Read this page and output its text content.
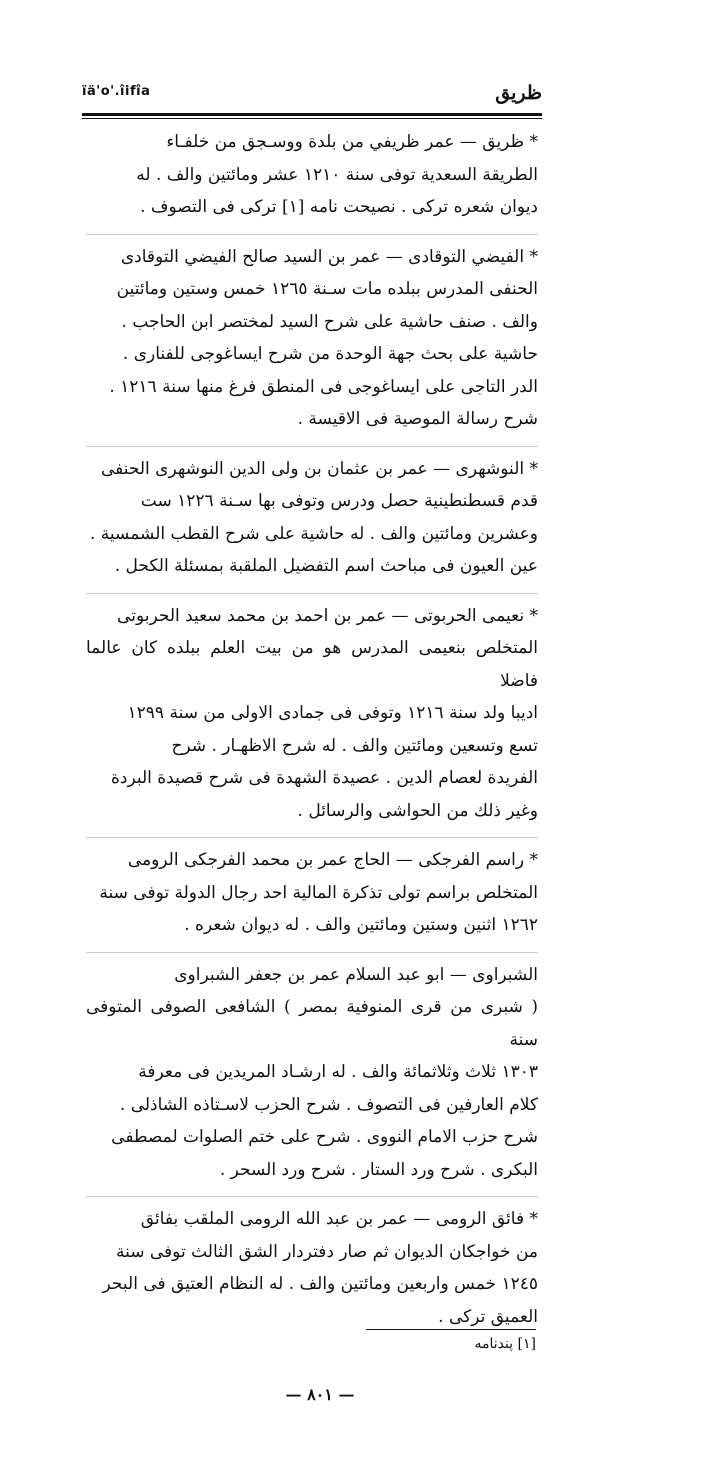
ïä'o'.îifîa	ظريق

* ظريق — عمر ظريفي من بلدة ووسـجق من خلفـاء

الطريقة السعدية توفى سنة ١٢١٠ عشر ومائتين والف . له

ديوان شعره تركى . نصيحت نامه [١] تركى فى التصوف .

* الفيضي التوقادى — عمر بن السيد صالح الفيضي التوقادى

الحنفى المدرس ببلده مات سـنة ١٢٦٥ خمس وستين ومائتين

والف . صنف حاشية على شرح السيد لمختصر ابن الحاجب .

حاشية على بحث جهة الوحدة من شرح ايساغوجى للفنارى .

الدر التاجى على ايساغوجى فى المنطق فرغ منها سنة ١٢١٦ .

شرح رسالة الموصية فى الاقيسة .

* النوشهرى — عمر بن عثمان بن ولى الدين النوشهرى الحنفى

قدم قسطنطينية حصل ودرس وتوفى بها سـنة ١٢٢٦ ست

وعشرين ومائتين والف . له حاشية على شرح القطب الشمسية .

عين العيون فى مباحث اسم التفضيل الملقبة بمسئلة الكحل .

* نعيمى الحربوتى — عمر بن احمد بن محمد سعيد الحربوتى

المتخلص بنعيمى المدرس هو من بيت العلم ببلده كان عالما فاضلا

اديبا ولد سنة ١٢١٦ وتوفى فى جمادى الاولى من سنة ١٢٩٩

تسع وتسعين ومائتين والف . له شرح الاظهـار . شرح

الفريدة لعصام الدين . عصيدة الشهدة فى شرح قصيدة البردة

وغير ذلك من الحواشى والرسائل .

* راسم الفرجكى — الحاج عمر بن محمد الفرجكى الرومى

المتخلص براسم تولى تذكرة المالية احد رجال الدولة توفى سنة

١٢٦٢ اثنين وستين ومائتين والف . له ديوان شعره .

الشبراوى — ابو عبد السلام عمر بن جعفر الشبراوى

( شبرى من قرى المنوفية بمصر ) الشافعى الصوفى المتوفى سنة

١٣٠٣ ثلاث وثلاثمائة والف . له ارشـاد المريدين فى معرفة

كلام العارفين فى التصوف . شرح الحزب لاسـتاذه الشاذلى .

شرح حزب الامام النووى . شرح على ختم الصلوات لمصطفى

البكرى . شرح ورد الستار . شرح ورد السحر .

* فائق الرومى — عمر بن عبد الله الرومى الملقب بفائق

من خواجكان الديوان ثم صار دفتردار الشق الثالث توفى سنة

١٢٤٥ خمس واربعين ومائتين والف . له النظام العتيق فى البحر

العميق تركى .

[١] پندنامه
— ٨٠١ —
